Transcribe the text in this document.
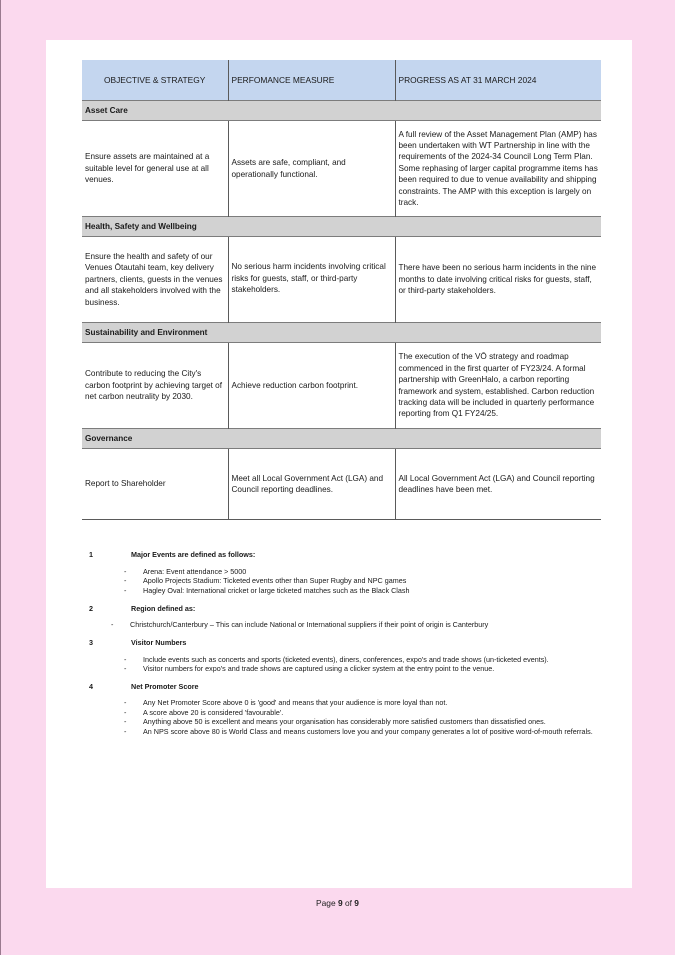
OBJECTIVE & STRATEGY	PERFOMANCE MEASURE	PROGRESS AS AT 31 MARCH 2024
Asset Care		
Ensure assets are maintained at a suitable level for general use at all venues.	Assets are safe, compliant, and operationally functional.	A full review of the Asset Management Plan (AMP) has been undertaken with WT Partnership in line with the requirements of the 2024-34 Council Long Term Plan. Some rephasing of larger capital programme items has been required to due to venue availability and shipping constraints. The AMP with this exception is largely on track.
Health, Safety and Wellbeing		
Ensure the health and safety of our Venues Ōtautahi team, key delivery partners, clients, guests in the venues and all stakeholders involved with the business.	No serious harm incidents involving critical risks for guests, staff, or third-party stakeholders.	There have been no serious harm incidents in the nine months to date involving critical risks for guests, staff, or third-party stakeholders.
Sustainability and Environment		
Contribute to reducing the City's carbon footprint by achieving target of net carbon neutrality by 2030.	Achieve reduction carbon footprint.	The execution of the VŌ strategy and roadmap commenced in the first quarter of FY23/24. A formal partnership with GreenHalo, a carbon reporting framework and system, established. Carbon reduction tracking data will be included in quarterly performance reporting from Q1 FY24/25.
Governance		
Report to Shareholder	Meet all Local Government Act (LGA) and Council reporting deadlines.	All Local Government Act (LGA) and Council reporting deadlines have been met.
1	Major Events are defined as follows:
- Arena: Event attendance > 5000
- Apollo Projects Stadium: Ticketed events other than Super Rugby and NPC games
- Hagley Oval: International cricket or large ticketed matches such as the Black Clash
2	Region defined as:
- Christchurch/Canterbury – This can include National or International suppliers if their point of origin is Canterbury
3	Visitor Numbers
- Include events such as concerts and sports (ticketed events), diners, conferences, expo's and trade shows (un-ticketed events).
- Visitor numbers for expo's and trade shows are captured using a clicker system at the entry point to the venue.
4	Net Promoter Score
- Any Net Promoter Score above 0 is 'good' and means that your audience is more loyal than not.
- A score above 20 is considered 'favourable'.
- Anything above 50 is excellent and means your organisation has considerably more satisfied customers than dissatisfied ones.
- An NPS score above 80 is World Class and means customers love you and your company generates a lot of positive word-of-mouth referrals.
Page 9 of 9
